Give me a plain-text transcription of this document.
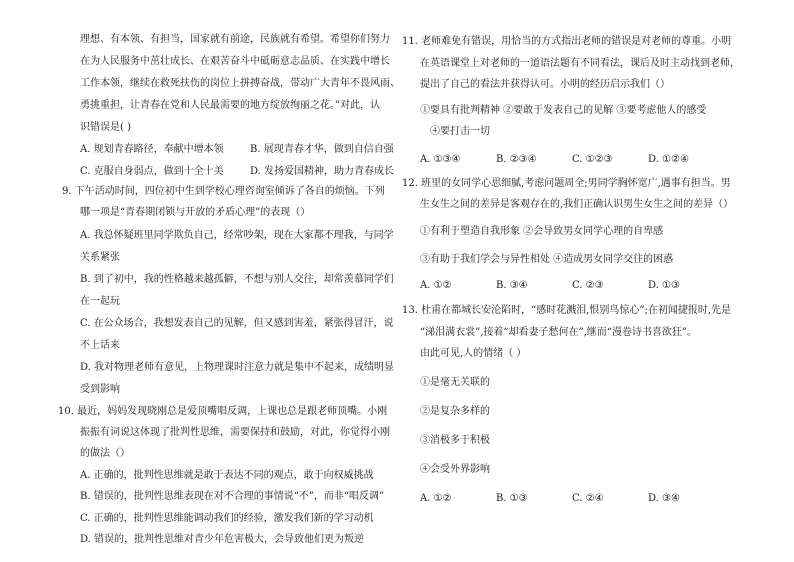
理想、有本领、有担当，国家就有前途，民族就有希望。希望你们努力
在为人民服务中茁壮成长、在艰苦奋斗中砥砺意志品质、在实践中增长
工作本领，继续在救死扶伤的岗位上拼搏奋战，带动广大青年不畏风雨、
勇挑重担，让青春在党和人民最需要的地方绽放绚丽之花。”对此，认
识错误是( )
A. 规划青春路径，奉献中增本领	B. 展现青春才华，做到自信自强
C. 克服自身弱点，做到十全十美	D. 发扬爱国精神，助力青春成长
9. 下午活动时间，四位初中生到学校心理咨询室倾诉了各自的烦恼。下列
哪一项是“青春期闭锁与开放的矛盾心理”的表现（）
A. 我总怀疑班里同学欺负自己，经常吵架，现在大家都不理我，与同学
关系紧张
B. 到了初中，我的性格越来越孤僻，不想与别人交往，却常羡慕同学们
在一起玩
C. 在公众场合，我想发表自己的见解，但又感到害羞，紧张得冒汗，说
不上话来
D. 我对物理老师有意见，上物理课时注意力就是集中不起来，成绩明显
受到影响
10. 最近，妈妈发现晓刚总是爱顶嘴唱反调，上课也总是跟老师顶嘴。小刚
振振有词说这体现了批判性思维，需要保持和鼓励，对此，你觉得小刚
的做法（）
A. 正确的，批判性思维就是敢于表达不同的观点，敢于向权威挑战
B. 错误的，批判性思维表现在对不合理的事情说“不”，而非“唱反调”
C. 正确的，批判性思维能调动我们的经验，激发我们新的学习动机
D. 错误的，批判性思维对青少年危害极大，会导致他们更为叛逆
11. 老师难免有错误，用恰当的方式指出老师的错误是对老师的尊重。小明
在英语课堂上对老师的一道语法题有不同看法，课后及时主动找到老师，
提出了自己的看法并获得认可。小明的经历启示我们（）
①要具有批判精神 ②要敢于发表自己的见解 ③要考虑他人的感受
④要打击一切
A. ①③④	B. ②③④	C. ①②③	D. ①②④
12. 班里的女同学心思细腻,考虑问题周全;男同学胸怀宽广,遇事有担当。男
生女生之间的差异是客观存在的,我们正确认识男生女生之间的差异（）
①有利于塑造自我形象 ②会导致男女同学心理的自卑感
③有助于我们学会与异性相处 ④造成男女同学交往的困惑
A. ①②	B. ③④	C. ②③	D. ①③
13. 杜甫在都城长安沦陷时，“感时花溅泪,恨别鸟惊心”;在初闻捷报时,先是
“涕泪满衣裳”,接着“却看妻子愁何在”,继而“漫卷诗书喜欲狂”。
由此可见,人的情绪（ ）
①是毫无关联的
②是复杂多样的
③消极多于积极
④会受外界影响
A. ①②	B. ①③	C. ②④	D. ③④
